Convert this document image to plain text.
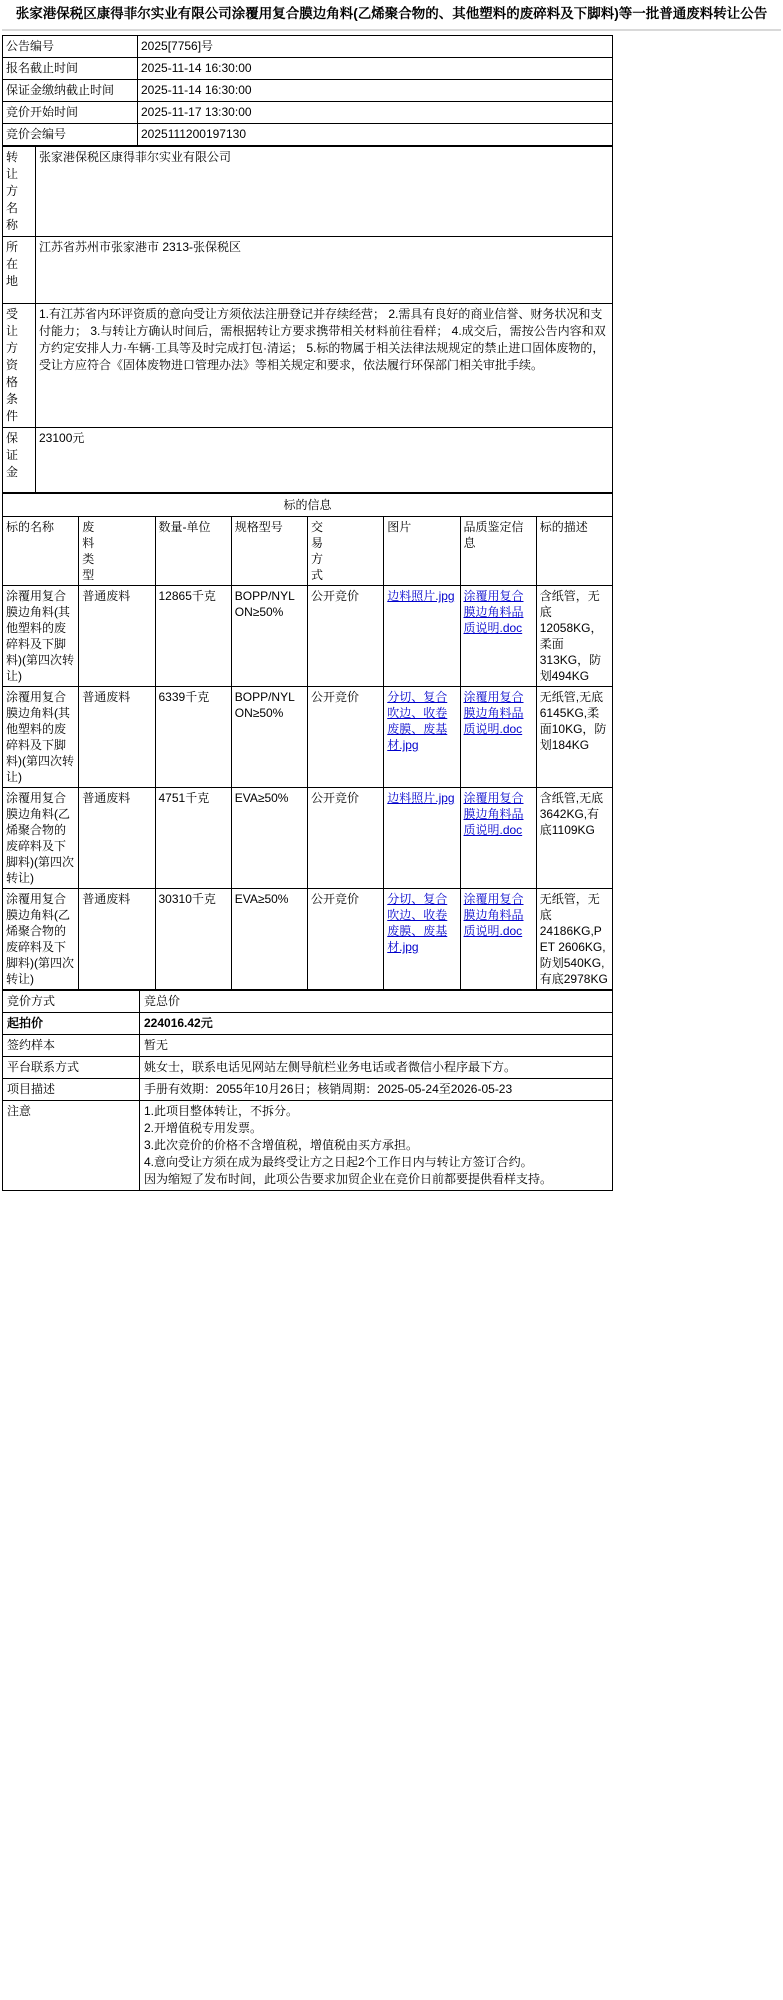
张家港保税区康得菲尔实业有限公司涂覆用复合膜边角料(乙烯聚合物的、其他塑料的废碎料及下脚料)等一批普通废料转让公告
公告编号	2025[7756]号
报名截止时间	2025-11-14 16:30:00
保证金缴纳截止时间	2025-11-14 16:30:00
竞价开始时间	2025-11-17 13:30:00
竞价会编号	2025111200197130
转
让
方
名
称	张家港保税区康得菲尔实业有限公司

所
在
地	江苏省苏州市张家港市 2313-张保税区

受
让
方
资
格
条
件
	1.有江苏省内环评资质的意向受让方须依法注册登记并存续经营； 2.需具有良好的商业信誉、财务状况和支付能力； 3.与转让方确认时间后，需根据转让方要求携带相关材料前往看样； 4.成交后，需按公告内容和双方约定安排人力·车辆·工具等及时完成打包·清运； 5.标的物属于相关法律法规规定的禁止进口固体废物的，受让方应符合《固体废物进口管理办法》等相关规定和要求，依法履行环保部门相关审批手续。

保
证
金	23100元
标的信息							
标的名称	废
料
类
型	数量-单位	规格型号	交
易
方
式	图片	品质鉴定信息	标的描述
涂覆用复合膜边角料(其他塑料的废碎料及下脚料)(第四次转让)	普通废料	12865千克	BOPP/NYLON≥50%	公开竞价	边料照片.jpg	涂覆用复合膜边角料品质说明.doc	含纸管，无底12058KG，柔面313KG，防划494KG
涂覆用复合膜边角料(其他塑料的废碎料及下脚料)(第四次转让)	普通废料	6339千克	BOPP/NYLON≥50%	公开竞价	分切、复合吹边、收卷废膜、废基材.jpg	涂覆用复合膜边角料品质说明.doc	无纸管,无底6145KG,柔面10KG，防划184KG
涂覆用复合膜边角料(乙烯聚合物的废碎料及下脚料)(第四次转让)	普通废料	4751千克	EVA≥50%	公开竞价	边料照片.jpg	涂覆用复合膜边角料品质说明.doc	含纸管,无底3642KG,有底1109KG
涂覆用复合膜边角料(乙烯聚合物的废碎料及下脚料)(第四次转让)	普通废料	30310千克	EVA≥50%	公开竞价	分切、复合吹边、收卷废膜、废基材.jpg	涂覆用复合膜边角料品质说明.doc	无纸管，无底24186KG,PET 2606KG,防划540KG,有底2978KG
竞价方式	竞总价
起拍价	224016.42元
签约样本	暂无
平台联系方式	姚女士，联系电话见网站左侧导航栏业务电话或者微信小程序最下方。
项目描述	手册有效期：2055年10月26日；核销周期：2025-05-24至2026-05-23
注意	1.此项目整体转让，不拆分。

2.开增值税专用发票。

3.此次竞价的价格不含增值税，增值税由买方承担。

4.意向受让方须在成为最终受让方之日起2个工作日内与转让方签订合约。

因为缩短了发布时间，此项公告要求加贸企业在竞价日前都要提供看样支持。
